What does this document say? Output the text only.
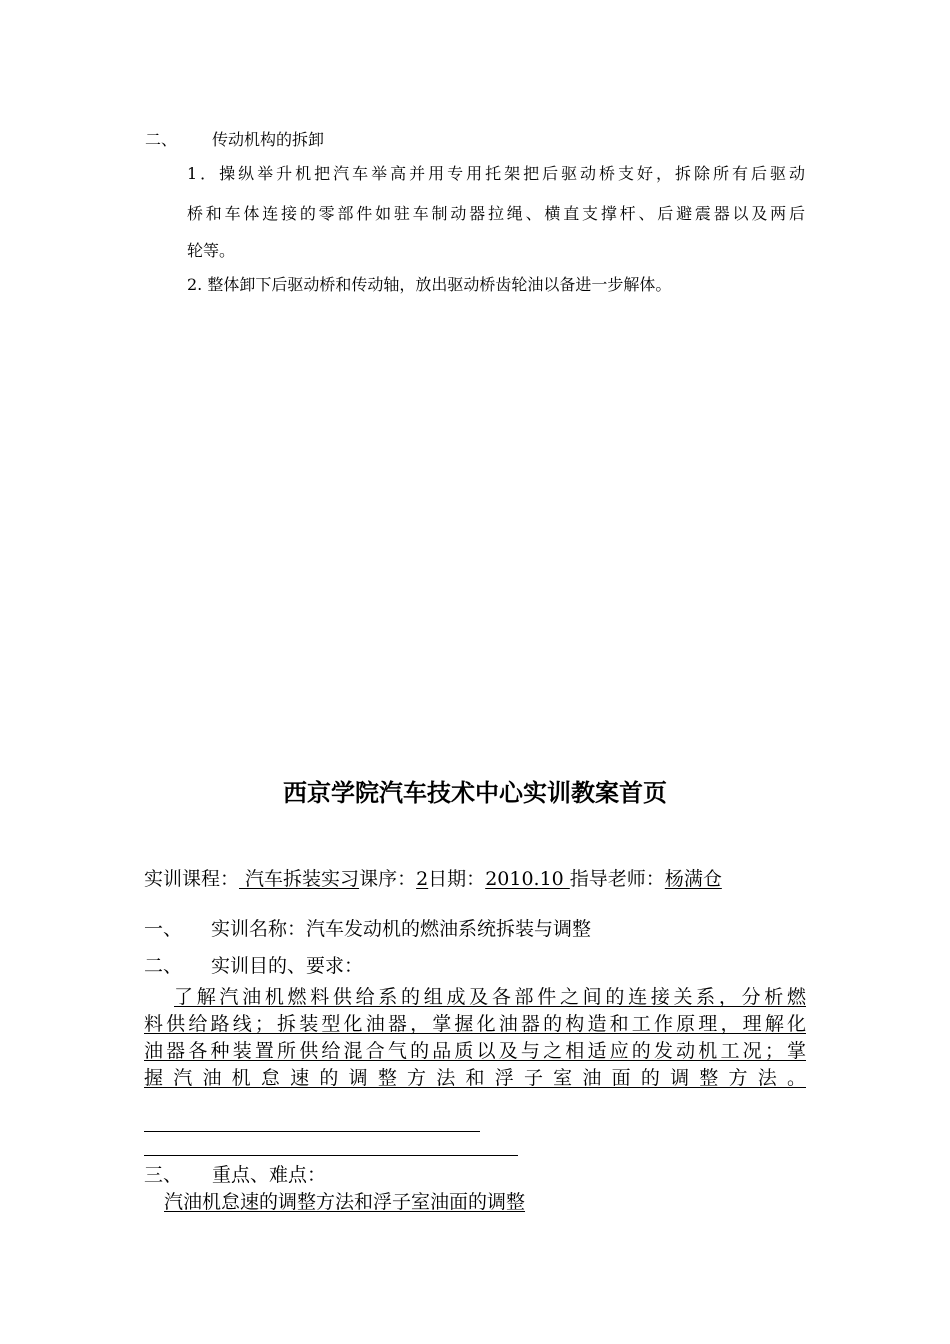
二、 传动机构的拆卸
1．操纵举升机把汽车举高并用专用托架把后驱动桥支好，拆除所有后驱动
桥和车体连接的零部件如驻车制动器拉绳、横直支撑杆、后避震器以及两后
轮等。
2. 整体卸下后驱动桥和传动轴，放出驱动桥齿轮油以备进一步解体。
西京学院汽车技术中心实训教案首页
实训课程： 汽车拆装实习课序：2日期：2010.10 指导老师：杨满仓
一、 实训名称：汽车发动机的燃油系统拆装与调整
二、 实训目的、要求：
了解汽油机燃料供给系的组成及各部件之间的连接关系，分析燃
料供给路线；拆装型化油器，掌握化油器的构造和工作原理，理解化
油器各种装置所供给混合气的品质以及与之相适应的发动机工况；掌
握汽油机怠速的调整方法和浮子室油面的调整方法。
三、 重点、难点：
汽油机怠速的调整方法和浮子室油面的调整
